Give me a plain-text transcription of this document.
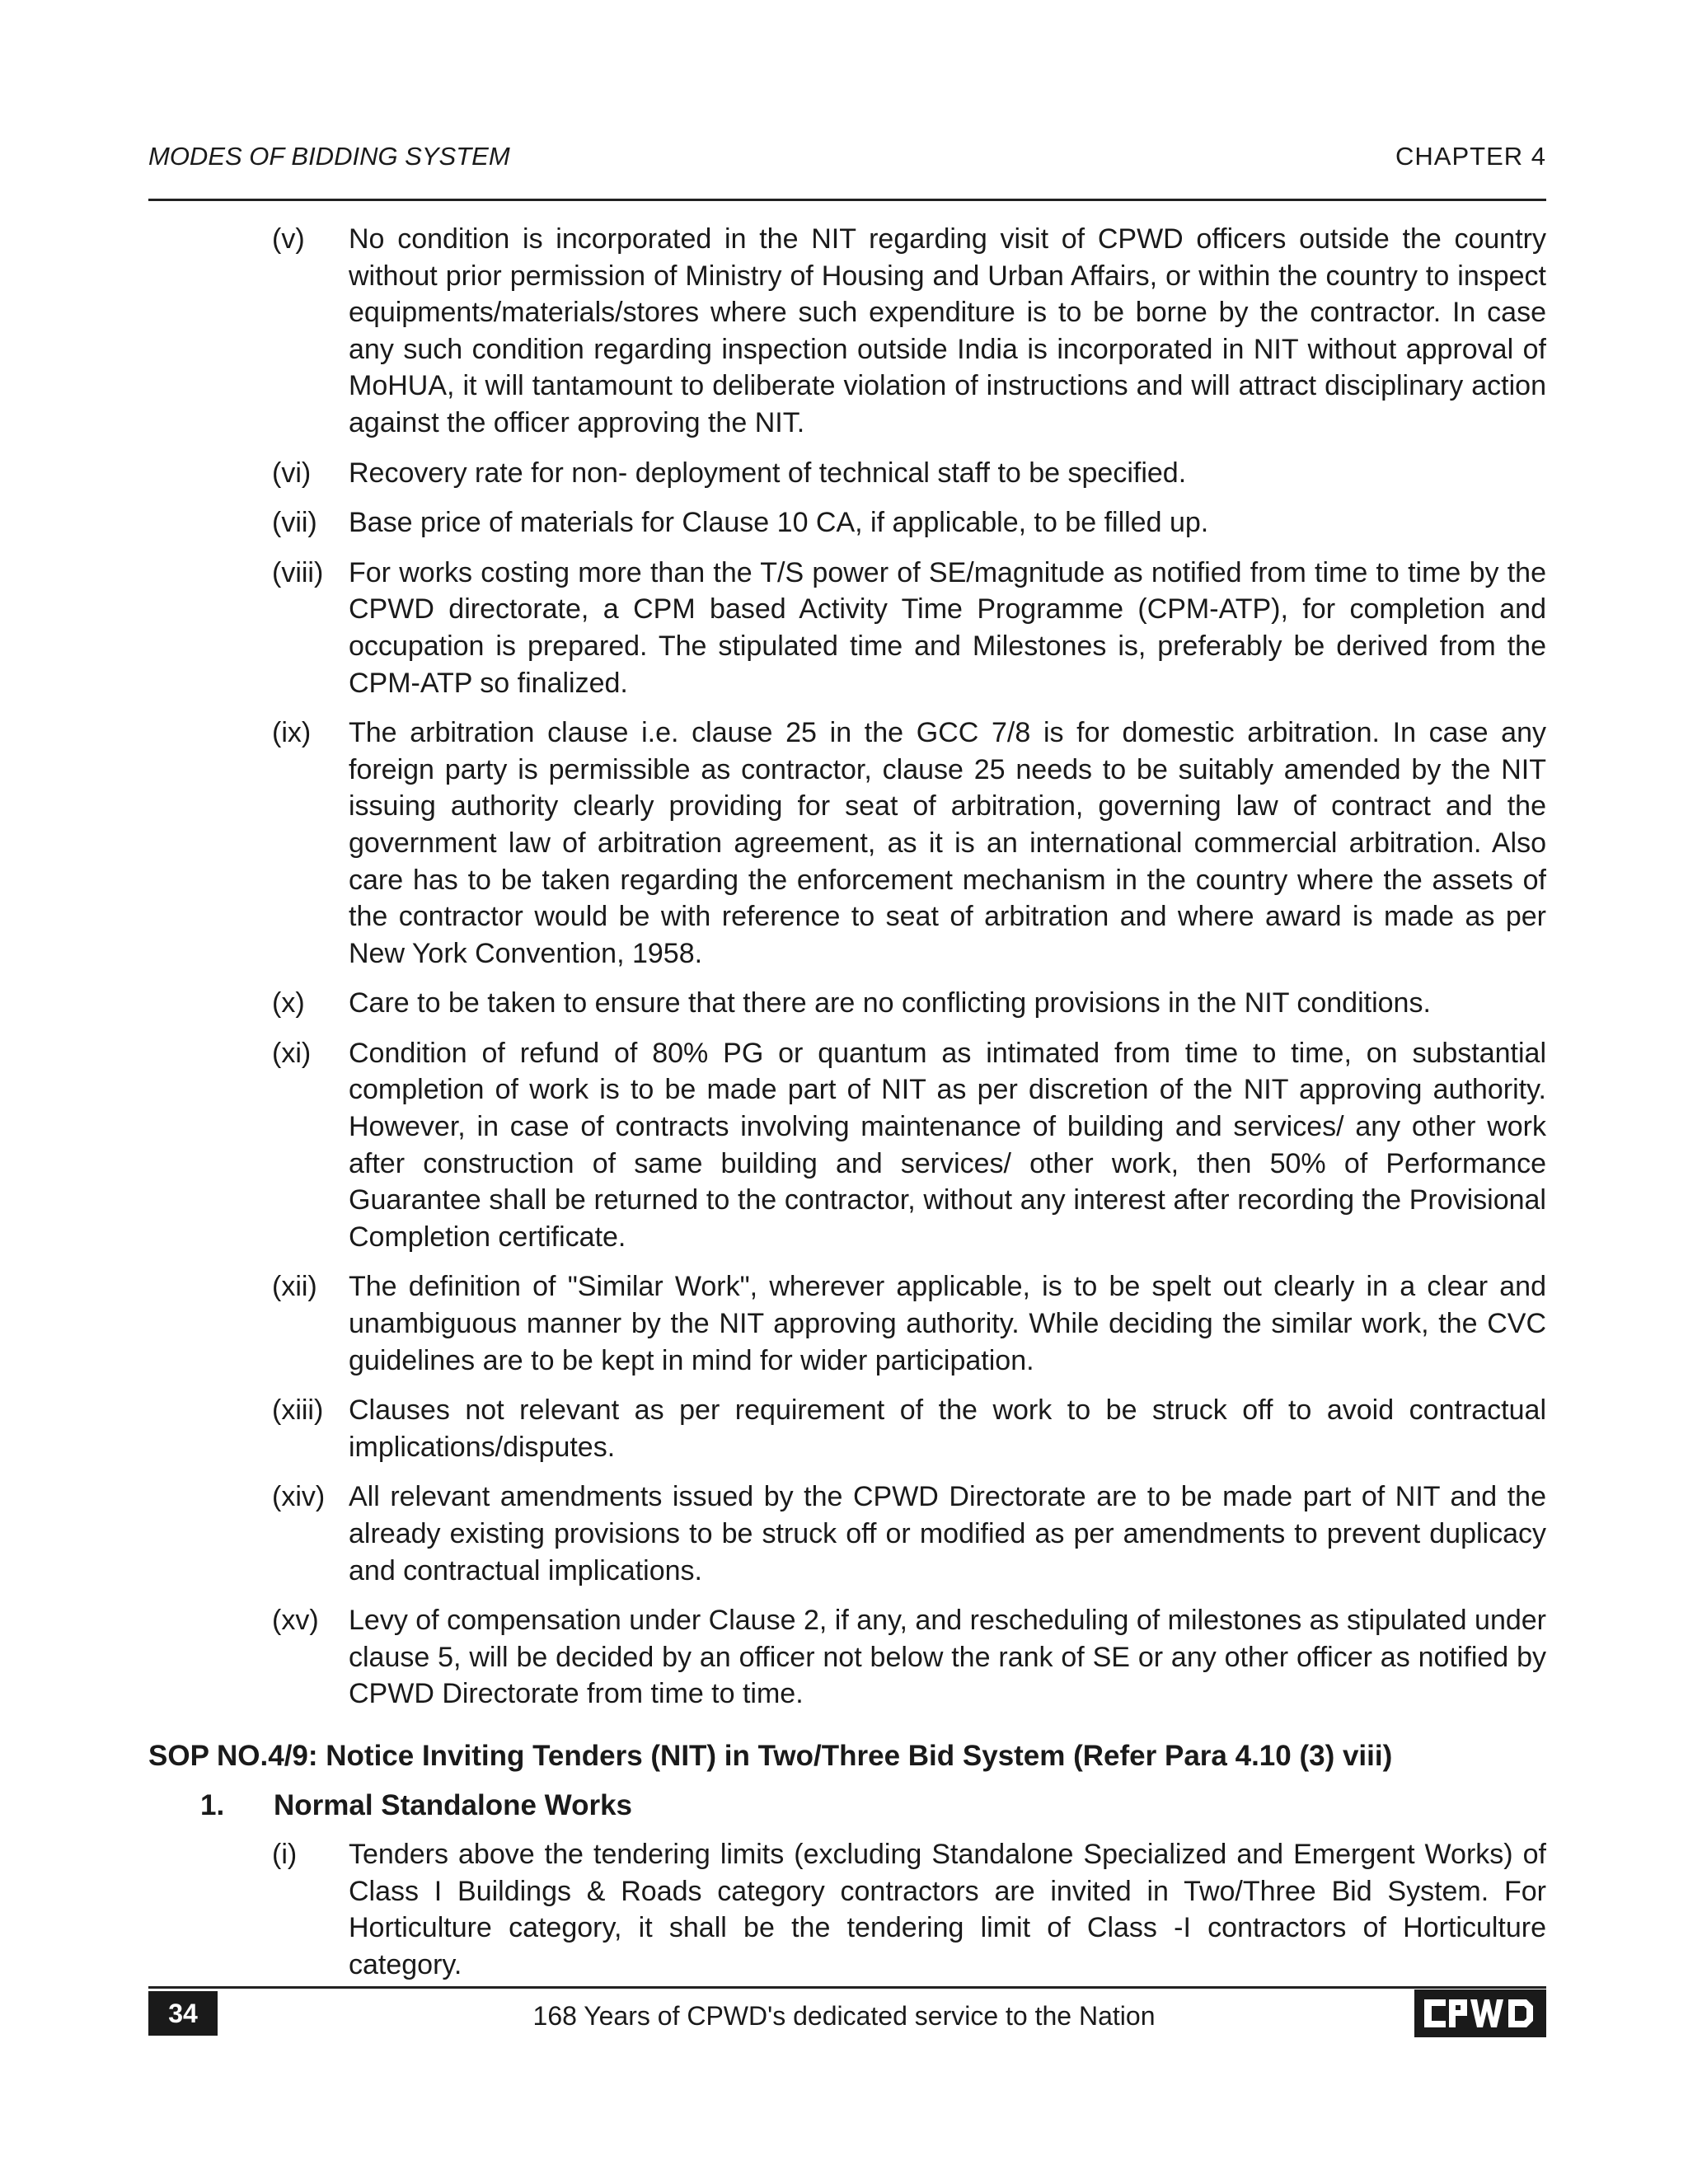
MODES OF BIDDING SYSTEM	CHAPTER 4
(v) No condition is incorporated in the NIT regarding visit of CPWD officers outside the country without prior permission of Ministry of Housing and Urban Affairs, or within the country to inspect equipments/materials/stores where such expenditure is to be borne by the contractor. In case any such condition regarding inspection outside India is incorporated in NIT without approval of MoHUA, it will tantamount to deliberate violation of instructions and will attract disciplinary action against the officer approving the NIT.
(vi) Recovery rate for non- deployment of technical staff to be specified.
(vii) Base price of materials for Clause 10 CA, if applicable, to be filled up.
(viii) For works costing more than the T/S power of SE/magnitude as notified from time to time by the CPWD directorate, a CPM based Activity Time Programme (CPM-ATP), for completion and occupation is prepared. The stipulated time and Milestones is, preferably be derived from the CPM-ATP so finalized.
(ix) The arbitration clause i.e. clause 25 in the GCC 7/8 is for domestic arbitration. In case any foreign party is permissible as contractor, clause 25 needs to be suitably amended by the NIT issuing authority clearly providing for seat of arbitration, governing law of contract and the government law of arbitration agreement, as it is an international commercial arbitration. Also care has to be taken regarding the enforcement mechanism in the country where the assets of the contractor would be with reference to seat of arbitration and where award is made as per New York Convention, 1958.
(x) Care to be taken to ensure that there are no conflicting provisions in the NIT conditions.
(xi) Condition of refund of 80% PG or quantum as intimated from time to time, on substantial completion of work is to be made part of NIT as per discretion of the NIT approving authority. However, in case of contracts involving maintenance of building and services/ any other work after construction of same building and services/ other work, then 50% of Performance Guarantee shall be returned to the contractor, without any interest after recording the Provisional Completion certificate.
(xii) The definition of "Similar Work", wherever applicable, is to be spelt out clearly in a clear and unambiguous manner by the NIT approving authority. While deciding the similar work, the CVC guidelines are to be kept in mind for wider participation.
(xiii) Clauses not relevant as per requirement of the work to be struck off to avoid contractual implications/disputes.
(xiv) All relevant amendments issued by the CPWD Directorate are to be made part of NIT and the already existing provisions to be struck off or modified as per amendments to prevent duplicacy and contractual implications.
(xv) Levy of compensation under Clause 2, if any, and rescheduling of milestones as stipulated under clause 5, will be decided by an officer not below the rank of SE or any other officer as notified by CPWD Directorate from time to time.
SOP NO.4/9: Notice Inviting Tenders (NIT) in Two/Three Bid System (Refer Para 4.10 (3) viii)
1. Normal Standalone Works
(i) Tenders above the tendering limits (excluding Standalone Specialized and Emergent Works) of Class I Buildings & Roads category contractors are invited in Two/Three Bid System. For Horticulture category, it shall be the tendering limit of Class -I contractors of Horticulture category.
34	168 Years of CPWD's dedicated service to the Nation
